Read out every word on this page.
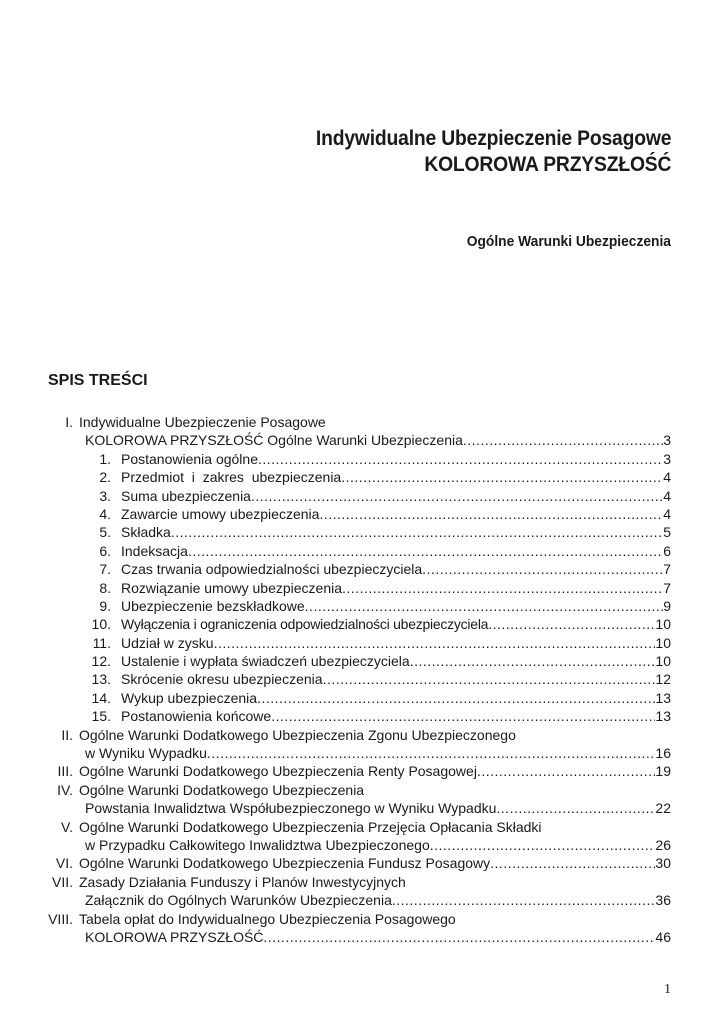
Indywidualne Ubezpieczenie Posagowe
KOLOROWA PRZYSZŁOŚĆ
Ogólne Warunki Ubezpieczenia
SPIS TREŚCI
I. Indywidualne Ubezpieczenie Posagowe
KOLOROWA PRZYSZŁOŚĆ Ogólne Warunki Ubezpieczenia .....	3
1. Postanowienia ogólne .....	3
2. Przedmiot  i  zakres  ubezpieczenia .....	4
3. Suma ubezpieczenia .....	4
4. Zawarcie umowy ubezpieczenia .....	4
5. Składka .....	5
6. Indeksacja .....	6
7. Czas trwania odpowiedzialności ubezpieczyciela .....	7
8. Rozwiązanie umowy ubezpieczenia .....	7
9. Ubezpieczenie bezskładkowe .....	9
10. Wyłączenia i ograniczenia odpowiedzialności ubezpieczyciela .....	10
11. Udział w zysku .....	10
12. Ustalenie i wypłata świadczeń ubezpieczyciela .....	10
13. Skrócenie okresu ubezpieczenia .....	12
14. Wykup ubezpieczenia .....	13
15. Postanowienia końcowe .....	13
II. Ogólne Warunki Dodatkowego Ubezpieczenia Zgonu Ubezpieczonego
w Wyniku Wypadku .....	16
III. Ogólne Warunki Dodatkowego Ubezpieczenia Renty Posagowej .....	19
IV. Ogólne Warunki Dodatkowego Ubezpieczenia
Powstania Inwalidztwa Współubezpieczonego w Wyniku Wypadku .....	22
V. Ogólne Warunki Dodatkowego Ubezpieczenia Przejęcia Opłacania Składki
w Przypadku Całkowitego Inwalidztwa Ubezpieczonego .....	26
VI. Ogólne Warunki Dodatkowego Ubezpieczenia Fundusz Posagowy .....	30
VII. Zasady Działania Funduszy i Planów Inwestycyjnych
Załącznik do Ogólnych Warunków Ubezpieczenia .....	36
VIII. Tabela opłat do Indywidualnego Ubezpieczenia Posagowego
KOLOROWA PRZYSZŁOŚĆ .....	46
1
